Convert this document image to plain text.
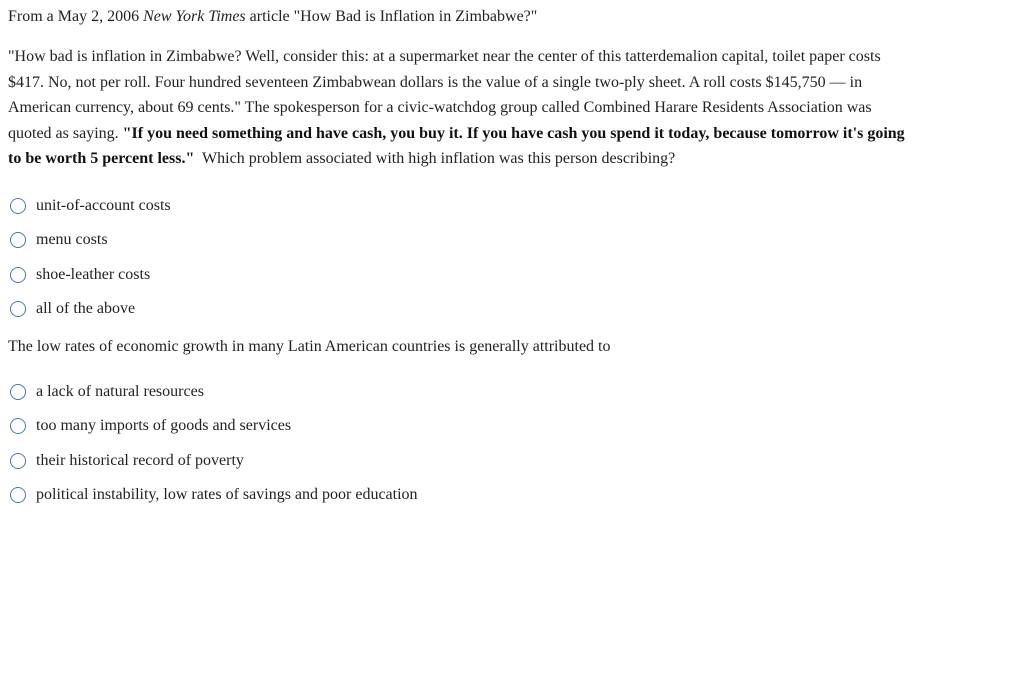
From a May 2, 2006 New York Times article "How Bad is Inflation in Zimbabwe?"

"How bad is inflation in Zimbabwe? Well, consider this: at a supermarket near the center of this tatterdemalion capital, toilet paper costs $417. No, not per roll. Four hundred seventeen Zimbabwean dollars is the value of a single two-ply sheet. A roll costs $145,750 — in American currency, about 69 cents." The spokesperson for a civic-watchdog group called Combined Harare Residents Association was quoted as saying. "If you need something and have cash, you buy it. If you have cash you spend it today, because tomorrow it's going to be worth 5 percent less."  Which problem associated with high inflation was this person describing?

unit-of-account costs
menu costs
shoe-leather costs
all of the above

The low rates of economic growth in many Latin American countries is generally attributed to

a lack of natural resources
too many imports of goods and services
their historical record of poverty
political instability, low rates of savings and poor education
